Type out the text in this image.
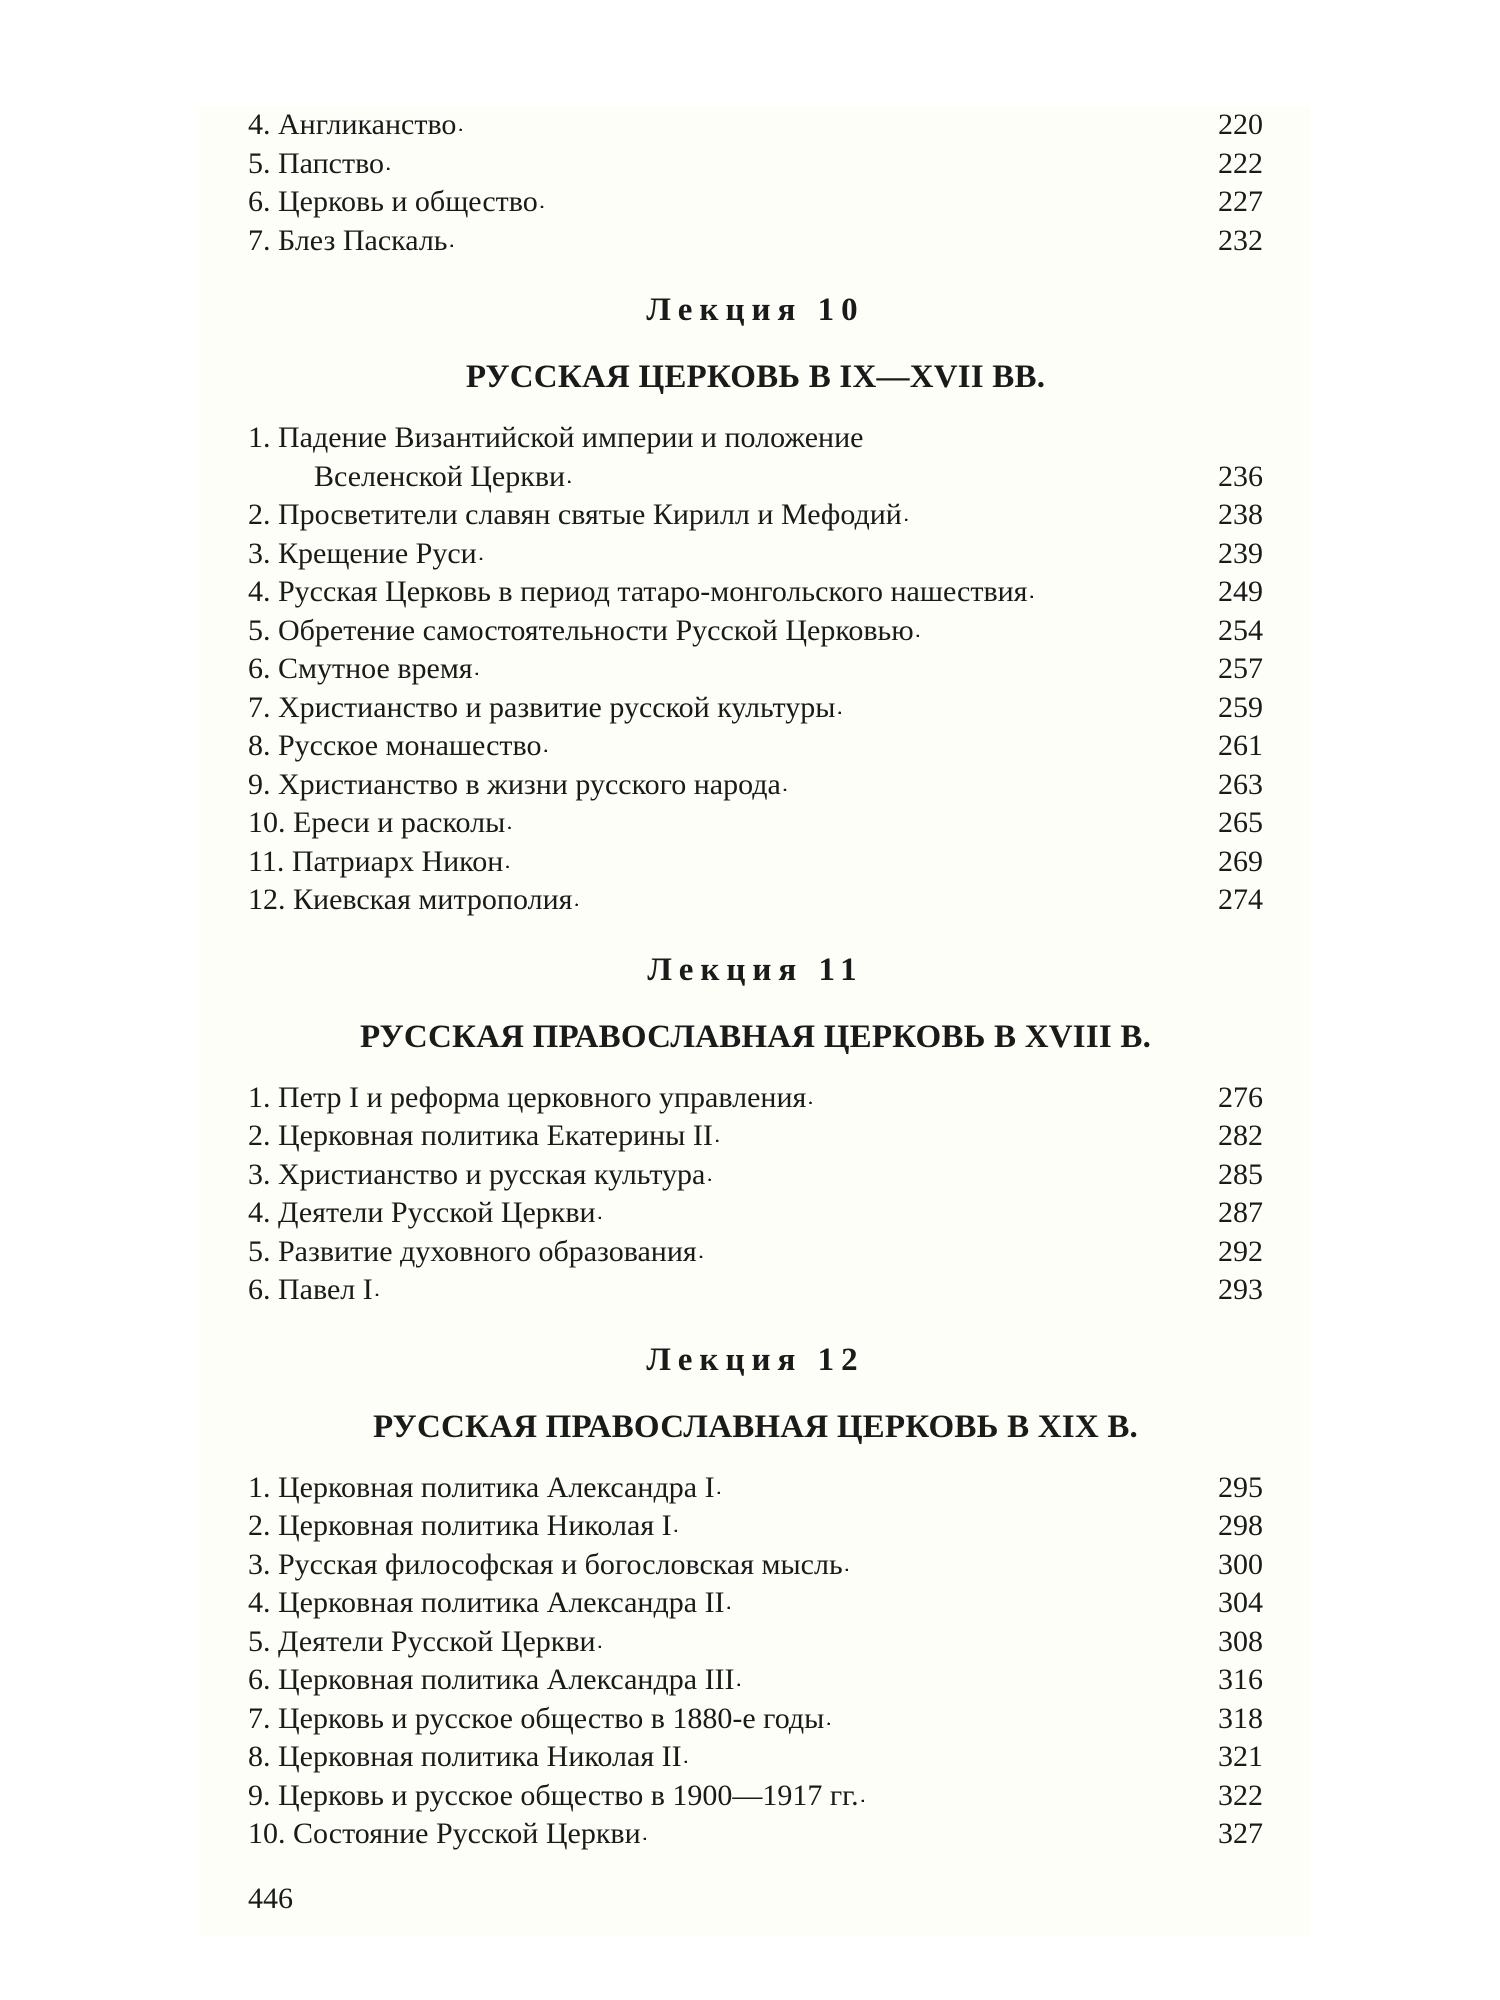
4. Англиканство . . .	220
5. Папство . . .	222
6. Церковь и общество . . .	227
7. Блез Паскаль . . .	232
Лекция 10
РУССКАЯ ЦЕРКОВЬ В IX—XVII ВВ.
1. Падение Византийской империи и положение
Вселенской Церкви . . .	236
2. Просветители славян святые Кирилл и Мефодий . . .	238
3. Крещение Руси . . .	239
4. Русская Церковь в период татаро-монгольского нашествия . . .	249
5. Обретение самостоятельности Русской Церковью . . .	254
6. Смутное время . . .	257
7. Христианство и развитие русской культуры . . .	259
8. Русское монашество . . .	261
9. Христианство в жизни русского народа . . .	263
10. Ереси и расколы . . .	265
11. Патриарх Никон . . .	269
12. Киевская митрополия . . .	274
Лекция 11
РУССКАЯ ПРАВОСЛАВНАЯ ЦЕРКОВЬ В XVIII В.
1. Петр I и реформа церковного управления . . .	276
2. Церковная политика Екатерины II . . .	282
3. Христианство и русская культура . . .	285
4. Деятели Русской Церкви . . .	287
5. Развитие духовного образования . . .	292
6. Павел I . . .	293
Лекция 12
РУССКАЯ ПРАВОСЛАВНАЯ ЦЕРКОВЬ В XIX В.
1. Церковная политика Александра I . . .	295
2. Церковная политика Николая I . . .	298
3. Русская философская и богословская мысль . . .	300
4. Церковная политика Александра II . . .	304
5. Деятели Русской Церкви . . .	308
6. Церковная политика Александра III . . .	316
7. Церковь и русское общество в 1880-е годы . . .	318
8. Церковная политика Николая II . . .	321
9. Церковь и русское общество в 1900—1917 гг. . . .	322
10. Состояние Русской Церкви . . .	327
446
